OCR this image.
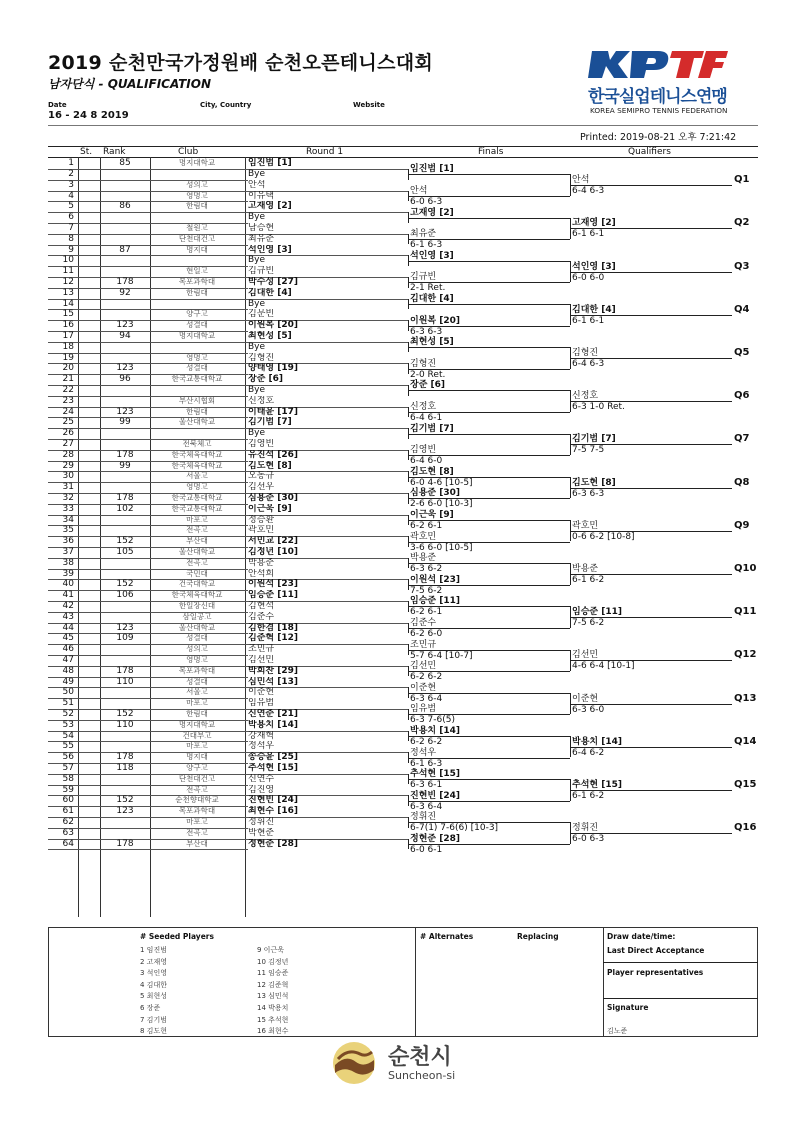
2019 순천만국가정원배 순천오픈테니스대회
남자단식 - QUALIFICATION
Date	City, Country	Website
16 - 24 8 2019
한국실업테니스연맹
KOREA SEMIPRO TENNIS FEDERATION
Printed: 2019-08-21 오후 7:21:42
St. Rank	Club	Round 1	Finals	Qualifiers
1	85	명지대학교	임진범 [1]
2	Bye
3	성의고	안석
4	영명고	이유택
5	86	한림대	고재영 [2]
6	Bye
7	철원고	남승현
8	단천대건고	최유준
9	87	명지대	석인영 [3]
10	Bye
11	현일고	김규빈
12	178	목포과학대	박수성 [27]
13	92	한림대	김대한 [4]
14	Bye
15	양구고	김문빈
16	123	성결대	이원복 [20]
17	94	명지대학교	최현성 [5]
18	Bye
19	영명고	김형진
20	123	성결대	양태영 [19]
21	96	한국교통대학교	장준 [6]
22	Bye
23	부산시협회	신정호
24	123	한림대	이태윤 [17]
25	99	울산대학교	김기범 [7]
26	Bye
27	전북체고	김영빈
28	178	한국체육대학교	유진석 [26]
29	99	한국체육대학교	김도현 [8]
30	서울고	오동규
31	영명고	김선우
32	178	한국교통대학교	심용준 [30]
33	102	한국교통대학교	이근욱 [9]
34	마포고	정승환
35	전곡고	곽호민
36	152	부산대	서민교 [22]
37	105	울산대학교	김정년 [10]
38	전곡고	박용준
39	국민대	안석희
40	152	건국대학교	이원석 [23]
41	106	한국체육대학교	임승준 [11]
42	한일장신대	김현석
43	삼일공고	김준수
44	123	울산대학교	김한겸 [18]
45	109	성결대	김준혁 [12]
46	성의고	조민규
47	영명고	김선민
48	178	목포과학대	박희찬 [29]
49	110	성결대	심민석 [13]
50	서울고	이준현
51	마포고	임유범
52	152	한림대	신연준 [21]
53	110	명지대학교	박용치 [14]
54	건대부고	강재혁
55	마포고	정석우
56	178	명지대	송승윤 [25]
57	118	양구고	추석현 [15]
58	단천대건고	신연수
59	전곡고	김진영
60	152	순천향대학교	진현빈 [24]
61	123	목포과학대	최현수 [16]
62	마포고	정휘진
63	전곡고	박현준
64	178	부산대	정현준 [28]
임진범 [1]
안석
6-0 6-3
고재영 [2]
최유준
6-1 6-3
석인영 [3]
김규빈
2-1 Ret.
김대한 [4]
이원복 [20]
6-3 6-3
최현성 [5]
김형진
2-0 Ret.
장준 [6]
신정호
6-4 6-1
김기범 [7]
김영빈
6-4 6-0
김도현 [8]
6-0 4-6 [10-5]
심용준 [30]
2-6 6-0 [10-3]
이근욱 [9]
6-2 6-1
곽호민
3-6 6-0 [10-5]
박용준
6-3 6-2
이원석 [23]
7-5 6-2
임승준 [11]
6-2 6-1
김준수
6-2 6-0
조민규
5-7 6-4 [10-7]
김선민
6-2 6-2
이준현
6-3 6-4
임유범
6-3 7-6(5)
박용치 [14]
6-2 6-2
정석우
6-1 6-3
추석현 [15]
6-3 6-1
진현빈 [24]
6-3 6-4
정휘진
6-7(1) 7-6(6) [10-3]
정현준 [28]
6-0 6-1
안석
6-4 6-3
Q1
고재영 [2]
6-1 6-1
Q2
석인영 [3]
6-0 6-0
Q3
김대한 [4]
6-1 6-1
Q4
김형진
6-4 6-3
Q5
신정호
6-3 1-0 Ret.
Q6
김기범 [7]
7-5 7-5
Q7
김도현 [8]
6-3 6-3
Q8
곽호민
0-6 6-2 [10-8]
Q9
박용준
6-1 6-2
Q10
임승준 [11]
7-5 6-2
Q11
김선민
4-6 6-4 [10-1]
Q12
이준현
6-3 6-0
Q13
박용치 [14]
6-4 6-2
Q14
추석현 [15]
6-1 6-2
Q15
정휘진
6-0 6-3
Q16
# Seeded Players
1 임진범
2 고재영
3 석인영
4 김대한
5 최현성
6 장준
7 김기범
8 김도현
9 이근욱
10 김정년
11 임승준
12 김준혁
13 심민석
14 박용치
15 추석현
16 최현수
# Alternates	Replacing	Draw date/time:
Last Direct Acceptance
Player representatives
Signature
김노준
순천시
Suncheon-si
